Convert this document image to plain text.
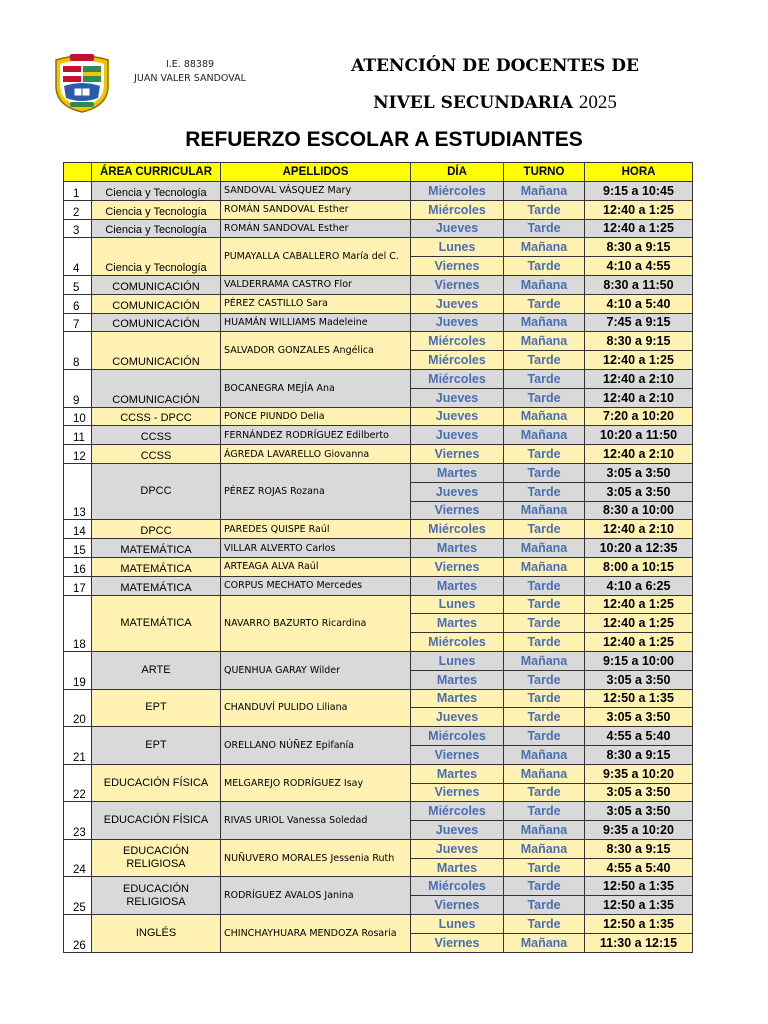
I.E. 88389
JUAN VALER SANDOVAL
ATENCIÓN DE DOCENTES DE
NIVEL SECUNDARIA 2025
REFUERZO ESCOLAR A ESTUDIANTES
	ÁREA CURRICULAR	APELLIDOS	DÍA	TURNO	HORA
1	Ciencia y Tecnología	SANDOVAL VÁSQUEZ Mary	Miércoles	Mañana	9:15 a 10:45
2	Ciencia y Tecnología	ROMÁN SANDOVAL Esther	Miércoles	Tarde	12:40 a 1:25
3	Ciencia y Tecnología	ROMÁN SANDOVAL Esther	Jueves	Tarde	12:40 a 1:25
4	Ciencia y Tecnología	PUMAYALLA CABALLERO María del C.	Lunes	Mañana	8:30 a 9:15
			Viernes	Tarde	4:10 a 4:55
5	COMUNICACIÓN	VALDERRAMA CASTRO Flor	Viernes	Mañana	8:30 a 11:50
6	COMUNICACIÓN	PÉREZ CASTILLO Sara	Jueves	Tarde	4:10 a 5:40
7	COMUNICACIÓN	HUAMÁN WILLIAMS Madeleine	Jueves	Mañana	7:45 a 9:15
8	COMUNICACIÓN	SALVADOR GONZALES Angélica	Miércoles	Mañana	8:30 a 9:15
			Miércoles	Tarde	12:40 a 1:25
9	COMUNICACIÓN	BOCANEGRA MEJÍA Ana	Miércoles	Tarde	12:40 a 2:10
			Jueves	Tarde	12:40 a 2:10
10	CCSS - DPCC	PONCE PIUNDO Delia	Jueves	Mañana	7:20 a 10:20
11	CCSS	FERNÁNDEZ RODRÍGUEZ Edilberto	Jueves	Mañana	10:20 a 11:50
12	CCSS	ÁGREDA LAVARELLO Giovanna	Viernes	Tarde	12:40 a 2:10
13	DPCC	PÉREZ ROJAS Rozana	Martes	Tarde	3:05 a 3:50
			Jueves	Tarde	3:05 a 3:50
			Viernes	Mañana	8:30 a 10:00
14	DPCC	PAREDES QUISPE Raúl	Miércoles	Tarde	12:40 a 2:10
15	MATEMÁTICA	VILLAR ALVERTO Carlos	Martes	Mañana	10:20 a 12:35
16	MATEMÁTICA	ARTEAGA ALVA Raúl	Viernes	Mañana	8:00 a 10:15
17	MATEMÁTICA	CORPUS MECHATO Mercedes	Martes	Tarde	4:10 a 6:25
18	MATEMÁTICA	NAVARRO BAZURTO Ricardina	Lunes	Tarde	12:40 a 1:25
			Martes	Tarde	12:40 a 1:25
			Miércoles	Tarde	12:40 a 1:25
19	ARTE	QUENHUA GARAY Wilder	Lunes	Mañana	9:15 a 10:00
			Martes	Tarde	3:05 a 3:50
20	EPT	CHANDUVÍ PULIDO Liliana	Martes	Tarde	12:50 a 1:35
			Jueves	Tarde	3:05 a 3:50
21	EPT	ORELLANO NÚÑEZ Epifanía	Miércoles	Tarde	4:55 a 5:40
			Viernes	Mañana	8:30 a 9:15
22	EDUCACIÓN FÍSICA	MELGAREJO RODRÍGUEZ Isay	Martes	Mañana	9:35 a 10:20
			Viernes	Tarde	3:05 a 3:50
23	EDUCACIÓN FÍSICA	RIVAS URIOL Vanessa Soledad	Miércoles	Tarde	3:05 a 3:50
			Jueves	Mañana	9:35 a 10:20
24	EDUCACIÓN RELIGIOSA	NUÑUVERO MORALES Jessenia Ruth	Jueves	Mañana	8:30 a 9:15
			Martes	Tarde	4:55 a 5:40
25	EDUCACIÓN RELIGIOSA	RODRÍGUEZ AVALOS Janina	Miércoles	Tarde	12:50 a 1:35
			Viernes	Tarde	12:50 a 1:35
26	INGLÉS	CHINCHAYHUARA MENDOZA Rosaria	Lunes	Tarde	12:50 a 1:35
			Viernes	Mañana	11:30 a 12:15
